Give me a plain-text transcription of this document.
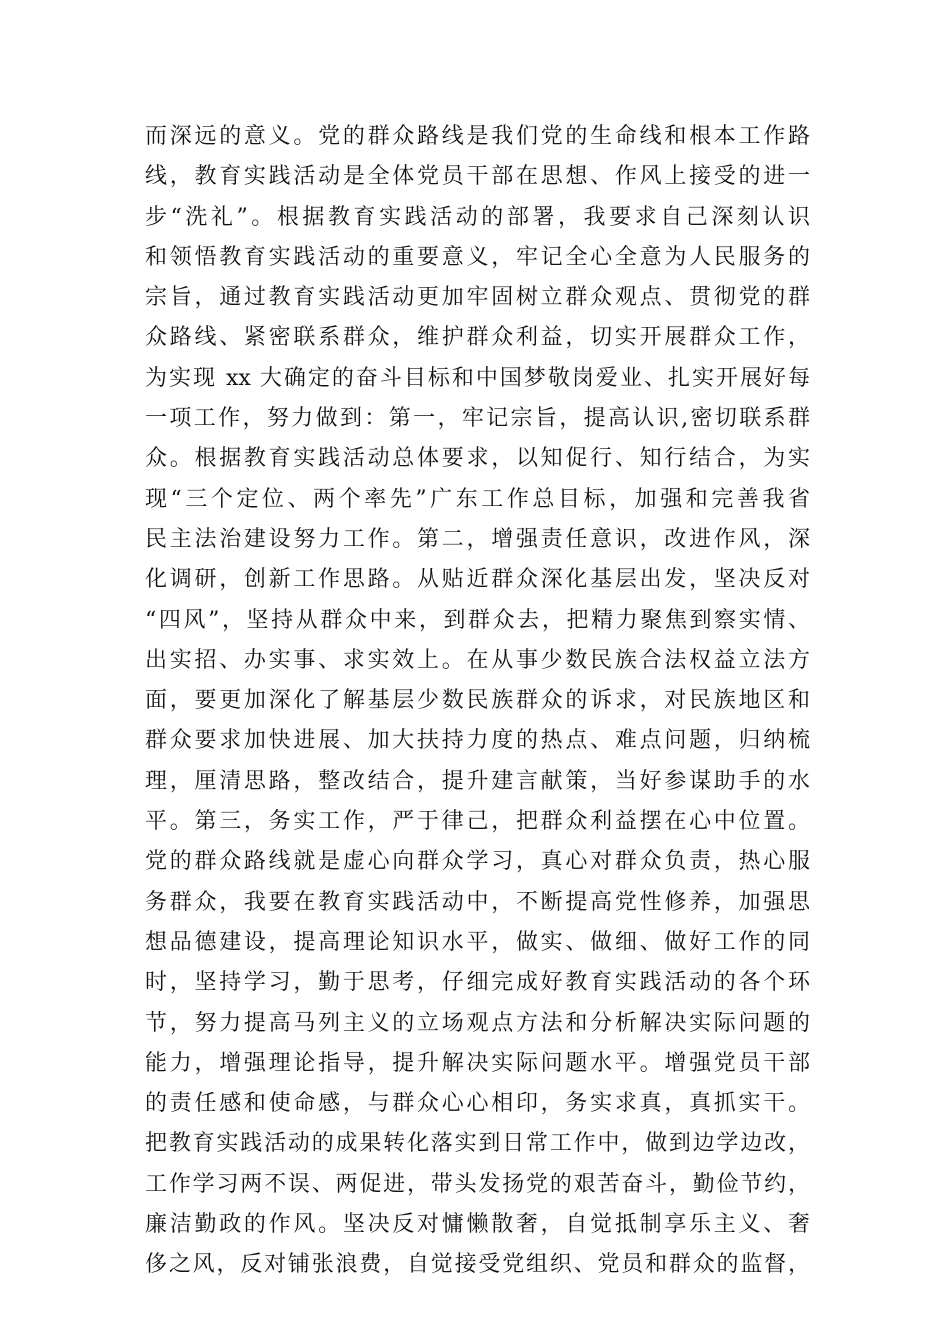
而深远的意义。党的群众路线是我们党的生命线和根本工作路
线，教育实践活动是全体党员干部在思想、作风上接受的进一
步“洗礼”。根据教育实践活动的部署，我要求自己深刻认识
和领悟教育实践活动的重要意义，牢记全心全意为人民服务的
宗旨，通过教育实践活动更加牢固树立群众观点、贯彻党的群
众路线、紧密联系群众，维护群众利益，切实开展群众工作，
为实现 xx 大确定的奋斗目标和中国梦敬岗爱业、扎实开展好每
一项工作，努力做到：第一，牢记宗旨，提高认识,密切联系群
众。根据教育实践活动总体要求，以知促行、知行结合，为实
现“三个定位、两个率先”广东工作总目标，加强和完善我省
民主法治建设努力工作。第二，增强责任意识，改进作风，深
化调研，创新工作思路。从贴近群众深化基层出发，坚决反对
“四风”，坚持从群众中来，到群众去，把精力聚焦到察实情、
出实招、办实事、求实效上。在从事少数民族合法权益立法方
面，要更加深化了解基层少数民族群众的诉求，对民族地区和
群众要求加快进展、加大扶持力度的热点、难点问题，归纳梳
理，厘清思路，整改结合，提升建言献策，当好参谋助手的水
平。第三，务实工作，严于律己，把群众利益摆在心中位置。
党的群众路线就是虚心向群众学习，真心对群众负责，热心服
务群众，我要在教育实践活动中，不断提高党性修养，加强思
想品德建设，提高理论知识水平，做实、做细、做好工作的同
时，坚持学习，勤于思考，仔细完成好教育实践活动的各个环
节，努力提高马列主义的立场观点方法和分析解决实际问题的
能力，增强理论指导，提升解决实际问题水平。增强党员干部
的责任感和使命感，与群众心心相印，务实求真，真抓实干。
把教育实践活动的成果转化落实到日常工作中，做到边学边改，
工作学习两不误、两促进，带头发扬党的艰苦奋斗，勤俭节约，
廉洁勤政的作风。坚决反对慵懒散奢，自觉抵制享乐主义、奢
侈之风，反对铺张浪费，自觉接受党组织、党员和群众的监督，
